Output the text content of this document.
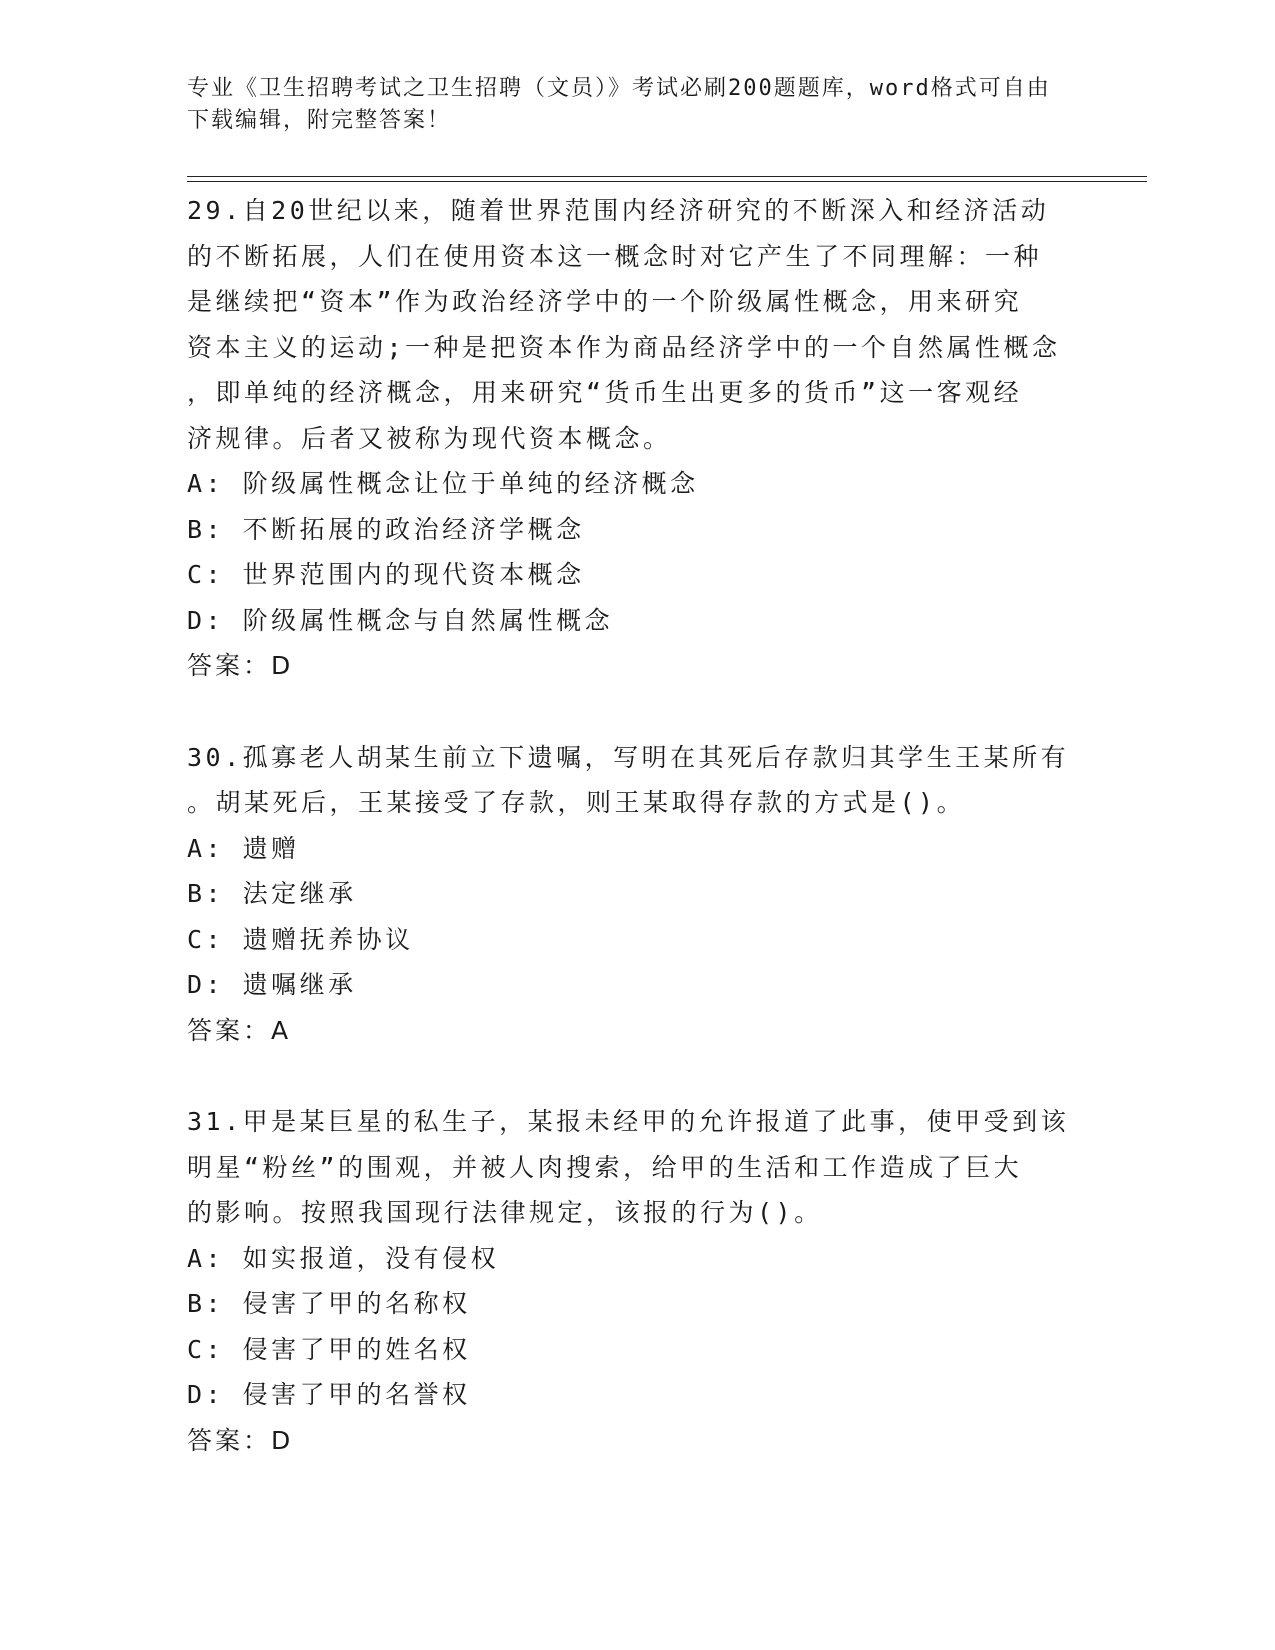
专业《卫生招聘考试之卫生招聘（文员）》考试必刷200题题库，word格式可自由下载编辑，附完整答案！
29.自20世纪以来，随着世界范围内经济研究的不断深入和经济活动
的不断拓展，人们在使用资本这一概念时对它产生了不同理解：一种
是继续把“资本”作为政治经济学中的一个阶级属性概念，用来研究
资本主义的运动;一种是把资本作为商品经济学中的一个自然属性概念
，即单纯的经济概念，用来研究“货币生出更多的货币”这一客观经
济规律。后者又被称为现代资本概念。
A: 阶级属性概念让位于单纯的经济概念
B: 不断拓展的政治经济学概念
C: 世界范围内的现代资本概念
D: 阶级属性概念与自然属性概念
答案：D
30.孤寡老人胡某生前立下遗嘱，写明在其死后存款归其学生王某所有
。胡某死后，王某接受了存款，则王某取得存款的方式是()。
A: 遗赠
B: 法定继承
C: 遗赠抚养协议
D: 遗嘱继承
答案：A
31.甲是某巨星的私生子，某报未经甲的允许报道了此事，使甲受到该
明星“粉丝”的围观，并被人肉搜索，给甲的生活和工作造成了巨大
的影响。按照我国现行法律规定，该报的行为()。
A: 如实报道，没有侵权
B: 侵害了甲的名称权
C: 侵害了甲的姓名权
D: 侵害了甲的名誉权
答案：D
